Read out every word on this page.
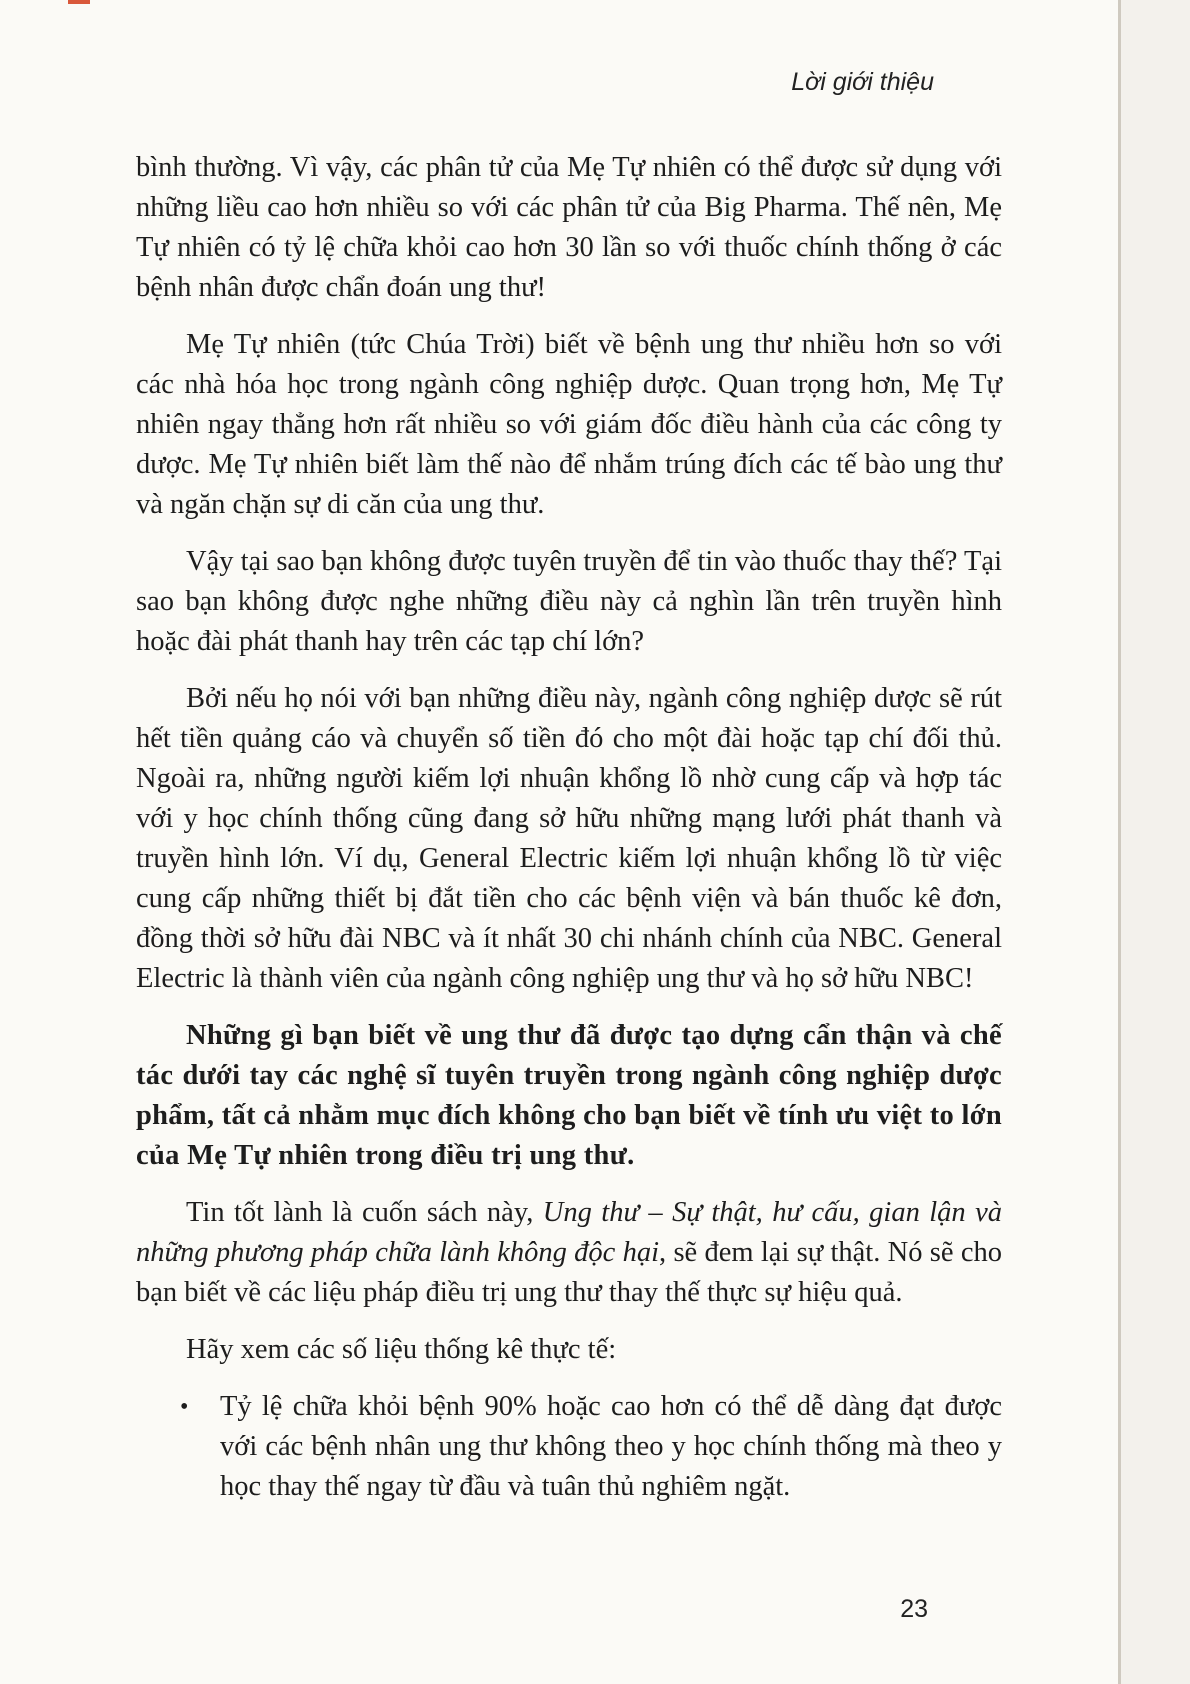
Lời giới thiệu

bình thường. Vì vậy, các phân tử của Mẹ Tự nhiên có thể được sử dụng với những liều cao hơn nhiều so với các phân tử của Big Pharma. Thế nên, Mẹ Tự nhiên có tỷ lệ chữa khỏi cao hơn 30 lần so với thuốc chính thống ở các bệnh nhân được chẩn đoán ung thư!

Mẹ Tự nhiên (tức Chúa Trời) biết về bệnh ung thư nhiều hơn so với các nhà hóa học trong ngành công nghiệp dược. Quan trọng hơn, Mẹ Tự nhiên ngay thẳng hơn rất nhiều so với giám đốc điều hành của các công ty dược. Mẹ Tự nhiên biết làm thế nào để nhắm trúng đích các tế bào ung thư và ngăn chặn sự di căn của ung thư.

Vậy tại sao bạn không được tuyên truyền để tin vào thuốc thay thế? Tại sao bạn không được nghe những điều này cả nghìn lần trên truyền hình hoặc đài phát thanh hay trên các tạp chí lớn?

Bởi nếu họ nói với bạn những điều này, ngành công nghiệp dược sẽ rút hết tiền quảng cáo và chuyển số tiền đó cho một đài hoặc tạp chí đối thủ. Ngoài ra, những người kiếm lợi nhuận khổng lồ nhờ cung cấp và hợp tác với y học chính thống cũng đang sở hữu những mạng lưới phát thanh và truyền hình lớn. Ví dụ, General Electric kiếm lợi nhuận khổng lồ từ việc cung cấp những thiết bị đắt tiền cho các bệnh viện và bán thuốc kê đơn, đồng thời sở hữu đài NBC và ít nhất 30 chi nhánh chính của NBC. General Electric là thành viên của ngành công nghiệp ung thư và họ sở hữu NBC!

Những gì bạn biết về ung thư đã được tạo dựng cẩn thận và chế tác dưới tay các nghệ sĩ tuyên truyền trong ngành công nghiệp dược phẩm, tất cả nhằm mục đích không cho bạn biết về tính ưu việt to lớn của Mẹ Tự nhiên trong điều trị ung thư.

Tin tốt lành là cuốn sách này, Ung thư – Sự thật, hư cấu, gian lận và những phương pháp chữa lành không độc hại, sẽ đem lại sự thật. Nó sẽ cho bạn biết về các liệu pháp điều trị ung thư thay thế thực sự hiệu quả.

Hãy xem các số liệu thống kê thực tế:

• Tỷ lệ chữa khỏi bệnh 90% hoặc cao hơn có thể dễ dàng đạt được với các bệnh nhân ung thư không theo y học chính thống mà theo y học thay thế ngay từ đầu và tuân thủ nghiêm ngặt.
23
